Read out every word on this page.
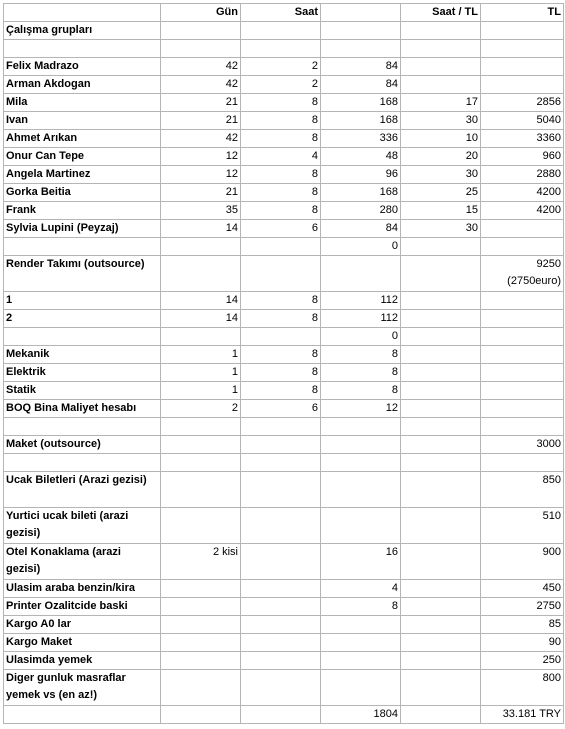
	Gün	Saat		Saat / TL	TL
Çalışma grupları					

Felix Madrazo	42	2	84		
Arman Akdogan	42	2	84		
Mila	21	8	168	17	2856
Ivan	21	8	168	30	5040
Ahmet Arıkan	42	8	336	10	3360
Onur Can Tepe	12	4	48	20	960
Angela Martinez	12	8	96	30	2880
Gorka Beitia	21	8	168	25	4200
Frank	35	8	280	15	4200
Sylvia Lupini (Peyzaj)	14	6	84	30	
			0		
Render Takımı (outsource)					9250
(2750euro)
1	14	8	112		
2	14	8	112		
			0		
Mekanik	1	8	8		
Elektrik	1	8	8		
Statik	1	8	8		
BOQ Bina Maliyet hesabı	2	6	12		

Maket (outsource)					3000

Ucak Biletleri (Arazi gezisi)					850
Yurtici ucak bileti (arazi gezisi)					510
Otel Konaklama (arazi gezisi)	2 kisi		16		900
Ulasim araba benzin/kira			4		450
Printer Ozalitcide baski			8		2750
Kargo A0 lar					85
Kargo Maket					90
Ulasimda yemek					250
Diger gunluk masraflar yemek vs (en az!)					800
			1804		33.181 TRY
